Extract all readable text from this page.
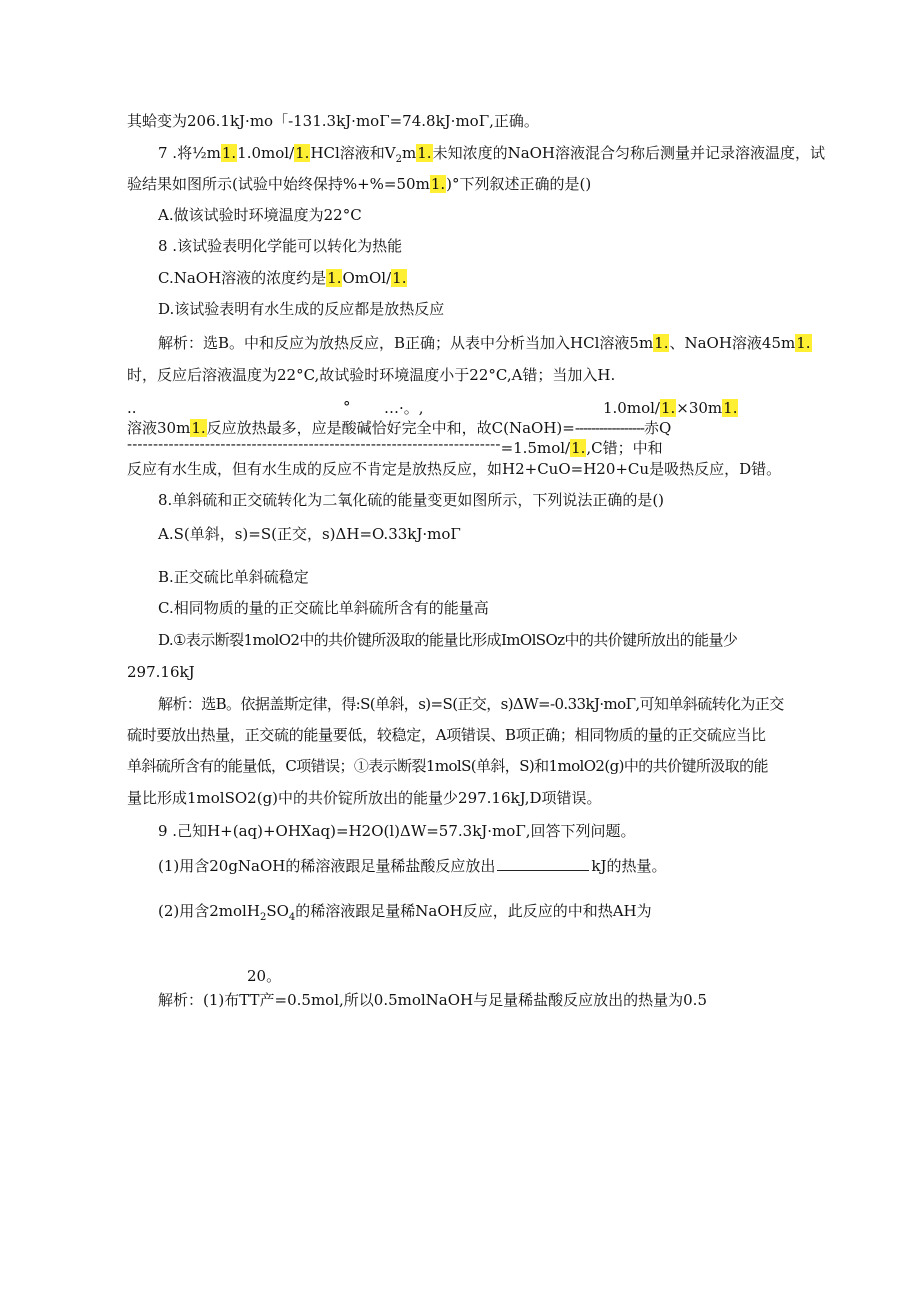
其蛤变为206.1kJ·mo「-131.3kJ·moΓ=74.8kJ·moΓ,正确。
7 .将½m1.1.0mol/1.HCl溶液和$V_2m1$.未知浓度的NaOH溶液混合匀称后测量并记录溶液温度，试
验结果如图所示(试验中始终保持%+%=50m1.)°下列叙述正确的是()
A.做该试验时环境温度为22°C
8 .该试验表明化学能可以转化为热能
C.NaOH溶液的浓度约是1.OmOl/1.
D.该试验表明有水生成的反应都是放热反应
解析：选B。中和反应为放热反应，B正确；从表中分析当加入HCl溶液5m1.、NaOH溶液45m1.
时，反应后溶液温度为22°C,故试验时环境温度小于22°C,A错；当加入H.
..	° …·。,	1.0mol/1.×30m1.
溶液30m1.反应放热最多，应是酸碱恰好完全中和，故C(NaOH)=-----------------赤Q
------------------------------------------------------------------------=1.5mol/1.,C错；中和
反应有水生成，但有水生成的反应不肯定是放热反应，如H2+CuO=H20+Cu是吸热反应，D错。
8.单斜硫和正交硫转化为二氧化硫的能量变更如图所示，下列说法正确的是()
A.S(单斜，s)=S(正交，s)ΔH=O.33kJ·moΓ
B.正交硫比单斜硫稳定
C.相同物质的量的正交硫比单斜硫所含有的能量高
D.①表示断裂1molO2中的共价键所汲取的能量比形成ImOlSOz中的共价键所放出的能量少
297.16kJ
解析：选B。依据盖斯定律，得:S(单斜，s)=S(正交，s)ΔW=-0.33kJ·moΓ,可知单斜硫转化为正交
硫时要放出热量，正交硫的能量要低，较稳定，A项错误、B项正确；相同物质的量的正交硫应当比
单斜硫所含有的能量低，C项错误；①表示断裂1molS(单斜，S)和1molO2(g)中的共价键所汲取的能
量比形成1molSO2(g)中的共价锭所放出的能量少297.16kJ,D项错误。
9 .己知H+(aq)+OHXaq)=H2O(l)ΔW=57.3kJ·moΓ,回答下列问题。
(1)用含20gNaOH的稀溶液跟足量稀盐酸反应放出	kJ的热量。
(2)用含$2molH_2SO_4$的稀溶液跟足量稀NaOH反应，此反应的中和热AH为
20。
解析：(1)布TT产=0.5mol,所以0.5molNaOH与足量稀盐酸反应放出的热量为0.5
